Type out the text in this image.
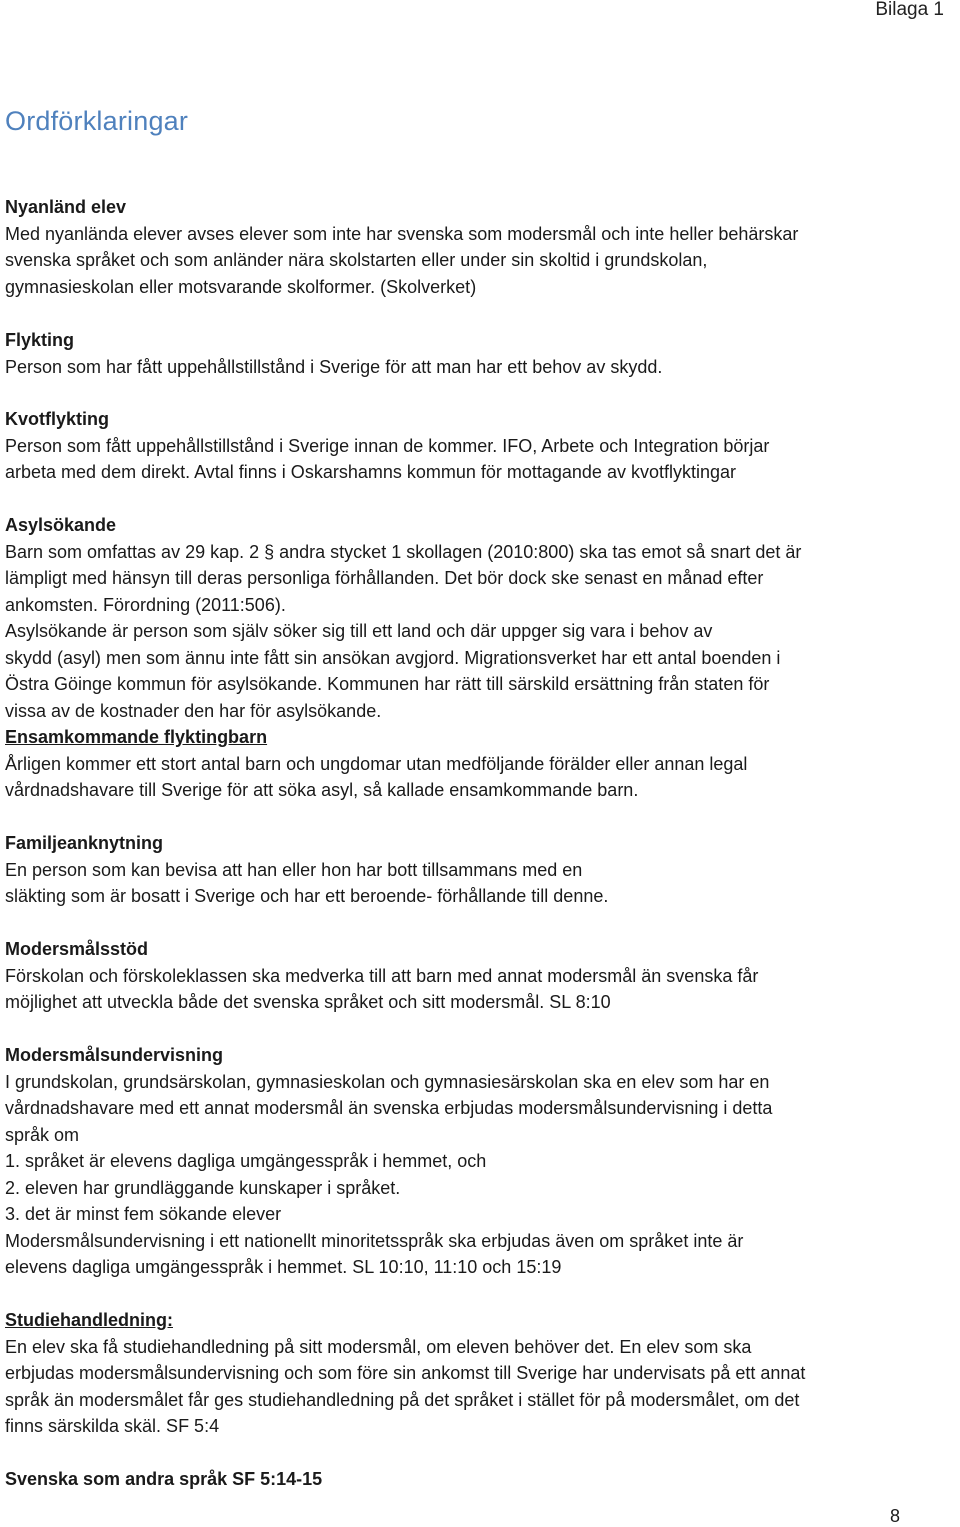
Bilaga 1
Ordförklaringar
Nyanländ elev
Med nyanlända elever avses elever som inte har svenska som modersmål och inte heller behärskar
svenska språket och som anländer nära skolstarten eller under sin skoltid i grundskolan,
gymnasieskolan eller motsvarande skolformer. (Skolverket)
Flykting
Person som har fått uppehållstillstånd i Sverige för att man har ett behov av skydd.
Kvotflykting
Person som fått uppehållstillstånd i Sverige innan de kommer. IFO, Arbete och Integration börjar
arbeta med dem direkt. Avtal finns i Oskarshamns kommun för mottagande av kvotflyktingar
Asylsökande
Barn som omfattas av 29 kap. 2 § andra stycket 1 skollagen (2010:800) ska tas emot så snart det är
lämpligt med hänsyn till deras personliga förhållanden. Det bör dock ske senast en månad efter
ankomsten. Förordning (2011:506).
Asylsökande är person som själv söker sig till ett land och där uppger sig vara i behov av
skydd (asyl) men som ännu inte fått sin ansökan avgjord. Migrationsverket har ett antal boenden i
Östra Göinge kommun för asylsökande. Kommunen har rätt till särskild ersättning från staten för
vissa av de kostnader den har för asylsökande.
Ensamkommande flyktingbarn
Årligen kommer ett stort antal barn och ungdomar utan medföljande förälder eller annan legal
vårdnadshavare till Sverige för att söka asyl, så kallade ensamkommande barn.
Familjeanknytning
En person som kan bevisa att han eller hon har bott tillsammans med en
släkting som är bosatt i Sverige och har ett beroende- förhållande till denne.
Modersmålsstöd
Förskolan och förskoleklassen ska medverka till att barn med annat modersmål än svenska får
möjlighet att utveckla både det svenska språket och sitt modersmål. SL 8:10
Modersmålsundervisning
I grundskolan, grundsärskolan, gymnasieskolan och gymnasiesärskolan ska en elev som har en
vårdnadshavare med ett annat modersmål än svenska erbjudas modersmålsundervisning i detta
språk om
1. språket är elevens dagliga umgängesspråk i hemmet, och
2. eleven har grundläggande kunskaper i språket.
3. det är minst fem sökande elever
Modersmålsundervisning i ett nationellt minoritetsspråk ska erbjudas även om språket inte är
elevens dagliga umgängesspråk i hemmet. SL 10:10, 11:10 och 15:19
Studiehandledning:
En elev ska få studiehandledning på sitt modersmål, om eleven behöver det. En elev som ska
erbjudas modersmålsundervisning och som före sin ankomst till Sverige har undervisats på ett annat
språk än modersmålet får ges studiehandledning på det språket i stället för på modersmålet, om det
finns särskilda skäl. SF 5:4
Svenska som andra språk SF 5:14-15
8
